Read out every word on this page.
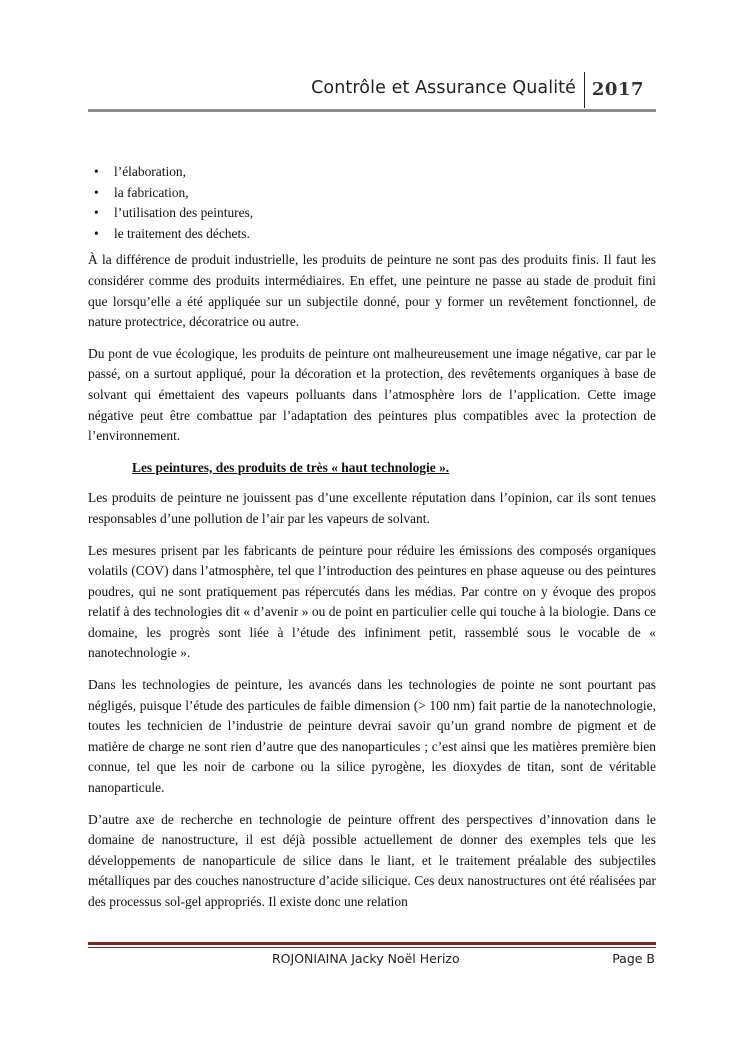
Contrôle et Assurance Qualité 2017
• l’élaboration,
• la fabrication,
• l’utilisation des peintures,
• le traitement des déchets.

À la différence de produit industrielle, les produits de peinture ne sont pas des produits finis. Il faut les considérer comme des produits intermédiaires. En effet, une peinture ne passe au stade de produit fini que lorsqu’elle a été appliquée sur un subjectile donné, pour y former un revêtement fonctionnel, de nature protectrice, décoratrice ou autre.

Du pont de vue écologique, les produits de peinture ont malheureusement une image négative, car par le passé, on a surtout appliqué, pour la décoration et la protection, des revêtements organiques à base de solvant qui émettaient des vapeurs polluants dans l’atmosphère lors de l’application. Cette image négative peut être combattue par l’adaptation des peintures plus compatibles avec la protection de l’environnement.

Les peintures, des produits de très « haut technologie ».

Les produits de peinture ne jouissent pas d’une excellente réputation dans l’opinion, car ils sont tenues responsables d’une pollution de l’air par les vapeurs de solvant.

Les mesures prisent par les fabricants de peinture pour réduire les émissions des composés organiques volatils (COV) dans l’atmosphère, tel que l’introduction des peintures en phase aqueuse ou des peintures poudres, qui ne sont pratiquement pas répercutés dans les médias. Par contre on y évoque des propos relatif à des technologies dit « d’avenir » ou de point en particulier celle qui touche à la biologie. Dans ce domaine, les progrès sont liée à l’étude des infiniment petit, rassemblé sous le vocable de « nanotechnologie ».

Dans les technologies de peinture, les avancés dans les technologies de pointe ne sont pourtant pas négligés, puisque l’étude des particules de faible dimension (> 100 nm) fait partie de la nanotechnologie, toutes les technicien de l’industrie de peinture devrai savoir qu’un grand nombre de pigment et de matière de charge ne sont rien d’autre que des nanoparticules ; c’est ainsi que les matières première bien connue, tel que les noir de carbone ou la silice pyrogène, les dioxydes de titan, sont de véritable nanoparticule.

D’autre axe de recherche en technologie de peinture offrent des perspectives d’innovation dans le domaine de nanostructure, il est déjà possible actuellement de donner des exemples tels que les développements de nanoparticule de silice dans le liant, et le traitement préalable des subjectiles métalliques par des couches nanostructure d’acide silicique. Ces deux nanostructures ont été réalisées par des processus sol-gel appropriés. Il existe donc une relation

ROJONIAINA Jacky Noël Herizo	Page B
